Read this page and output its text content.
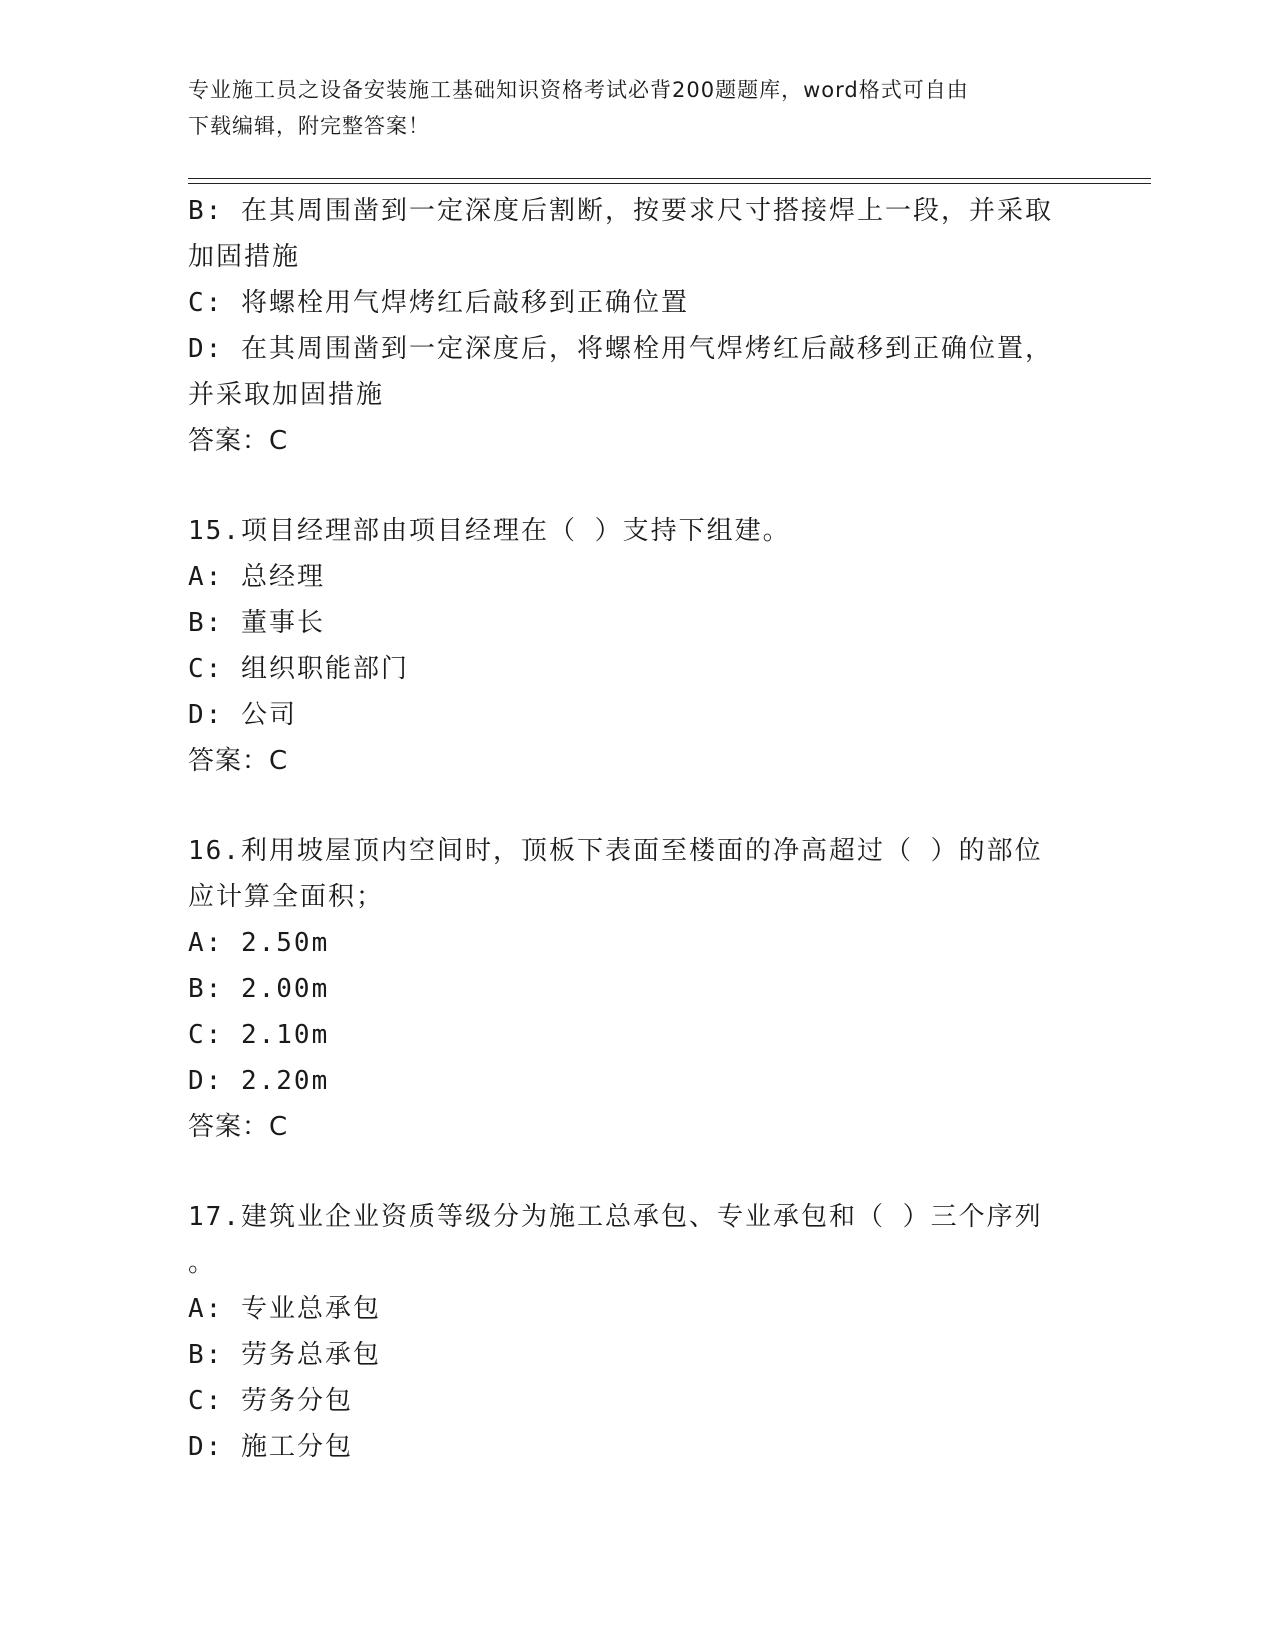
专业施工员之设备安装施工基础知识资格考试必背200题题库，word格式可自由
下载编辑，附完整答案！

B: 在其周围凿到一定深度后割断，按要求尺寸搭接焊上一段，并采取

加固措施

C: 将螺栓用气焊烤红后敲移到正确位置

D: 在其周围凿到一定深度后，将螺栓用气焊烤红后敲移到正确位置，

并采取加固措施

答案：C

15.项目经理部由项目经理在（ ）支持下组建。

A: 总经理

B: 董事长

C: 组织职能部门

D: 公司

答案：C

16.利用坡屋顶内空间时，顶板下表面至楼面的净高超过（ ）的部位

应计算全面积；

A: 2.50m

B: 2.00m

C: 2.10m

D: 2.20m

答案：C

17.建筑业企业资质等级分为施工总承包、专业承包和（ ）三个序列

。

A: 专业总承包

B: 劳务总承包

C: 劳务分包

D: 施工分包
